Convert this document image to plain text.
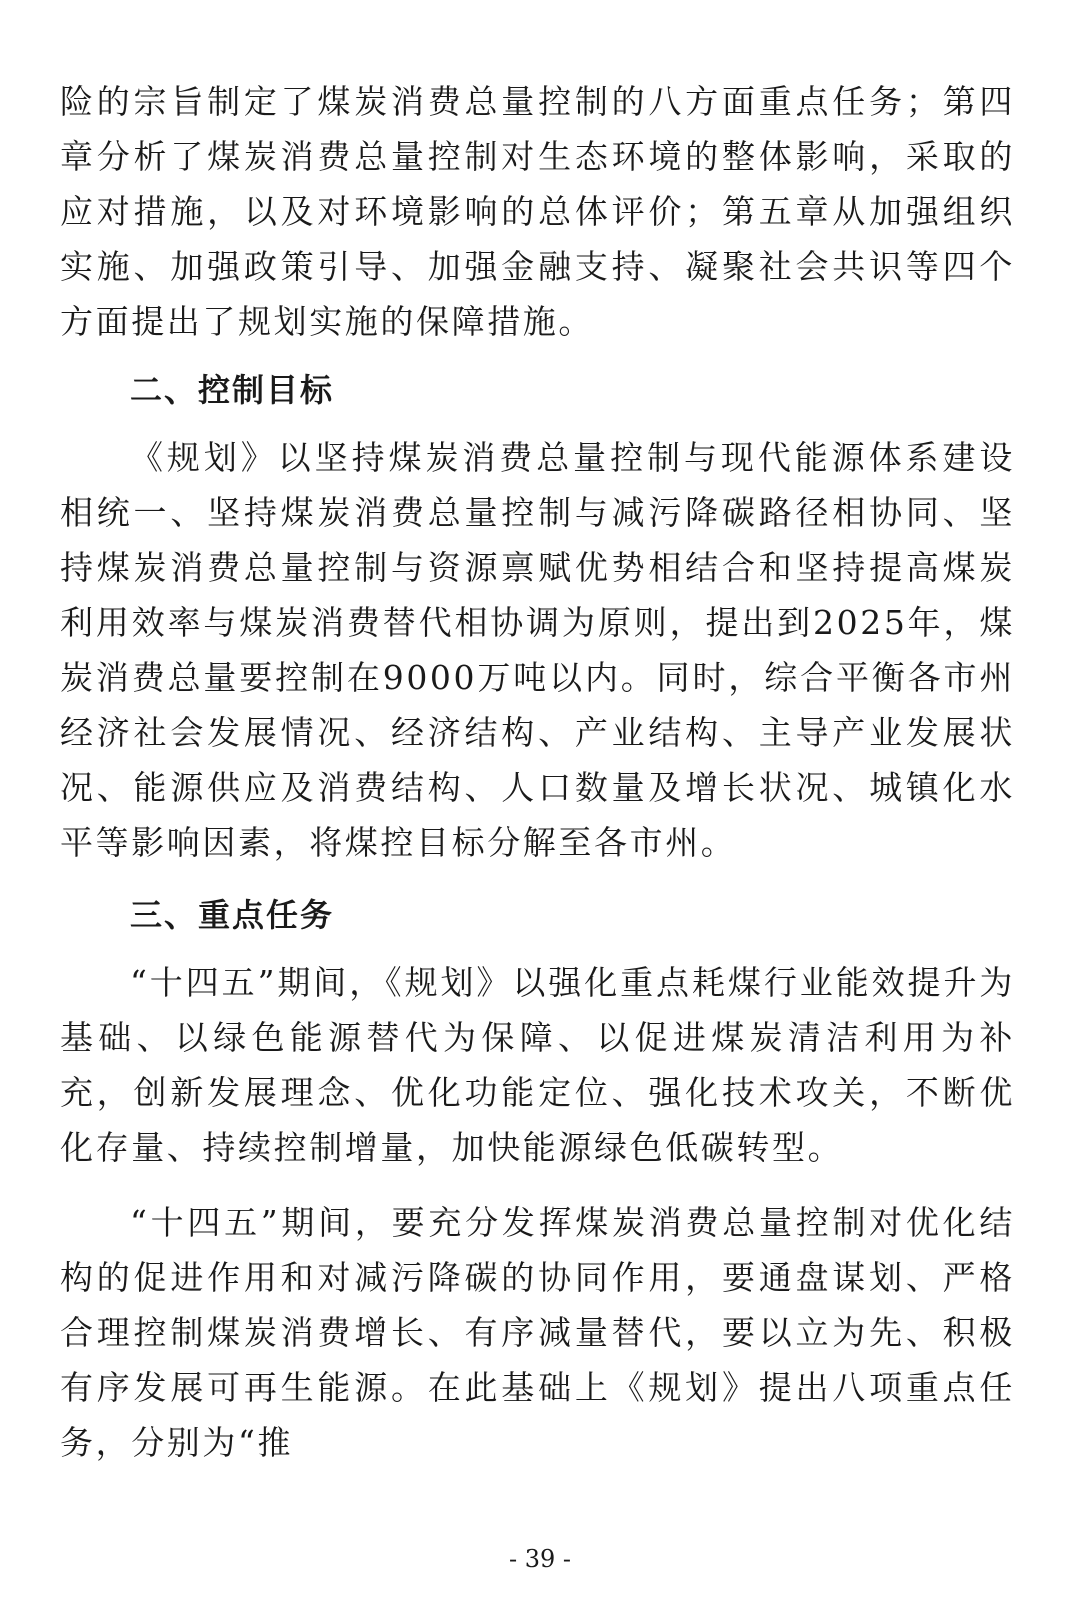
险的宗旨制定了煤炭消费总量控制的八方面重点任务；第四章分析了煤炭消费总量控制对生态环境的整体影响，采取的应对措施，以及对环境影响的总体评价；第五章从加强组织实施、加强政策引导、加强金融支持、凝聚社会共识等四个方面提出了规划实施的保障措施。

二、控制目标

《规划》以坚持煤炭消费总量控制与现代能源体系建设相统一、坚持煤炭消费总量控制与减污降碳路径相协同、坚持煤炭消费总量控制与资源禀赋优势相结合和坚持提高煤炭利用效率与煤炭消费替代相协调为原则，提出到2025年，煤炭消费总量要控制在9000万吨以内。同时，综合平衡各市州经济社会发展情况、经济结构、产业结构、主导产业发展状况、能源供应及消费结构、人口数量及增长状况、城镇化水平等影响因素，将煤控目标分解至各市州。

三、重点任务

“十四五”期间，《规划》以强化重点耗煤行业能效提升为基础、以绿色能源替代为保障、以促进煤炭清洁利用为补充，创新发展理念、优化功能定位、强化技术攻关，不断优化存量、持续控制增量，加快能源绿色低碳转型。

“十四五”期间，要充分发挥煤炭消费总量控制对优化结构的促进作用和对减污降碳的协同作用，要通盘谋划、严格合理控制煤炭消费增长、有序减量替代，要以立为先、积极有序发展可再生能源。在此基础上《规划》提出八项重点任务，分别为“推

- 39 -
